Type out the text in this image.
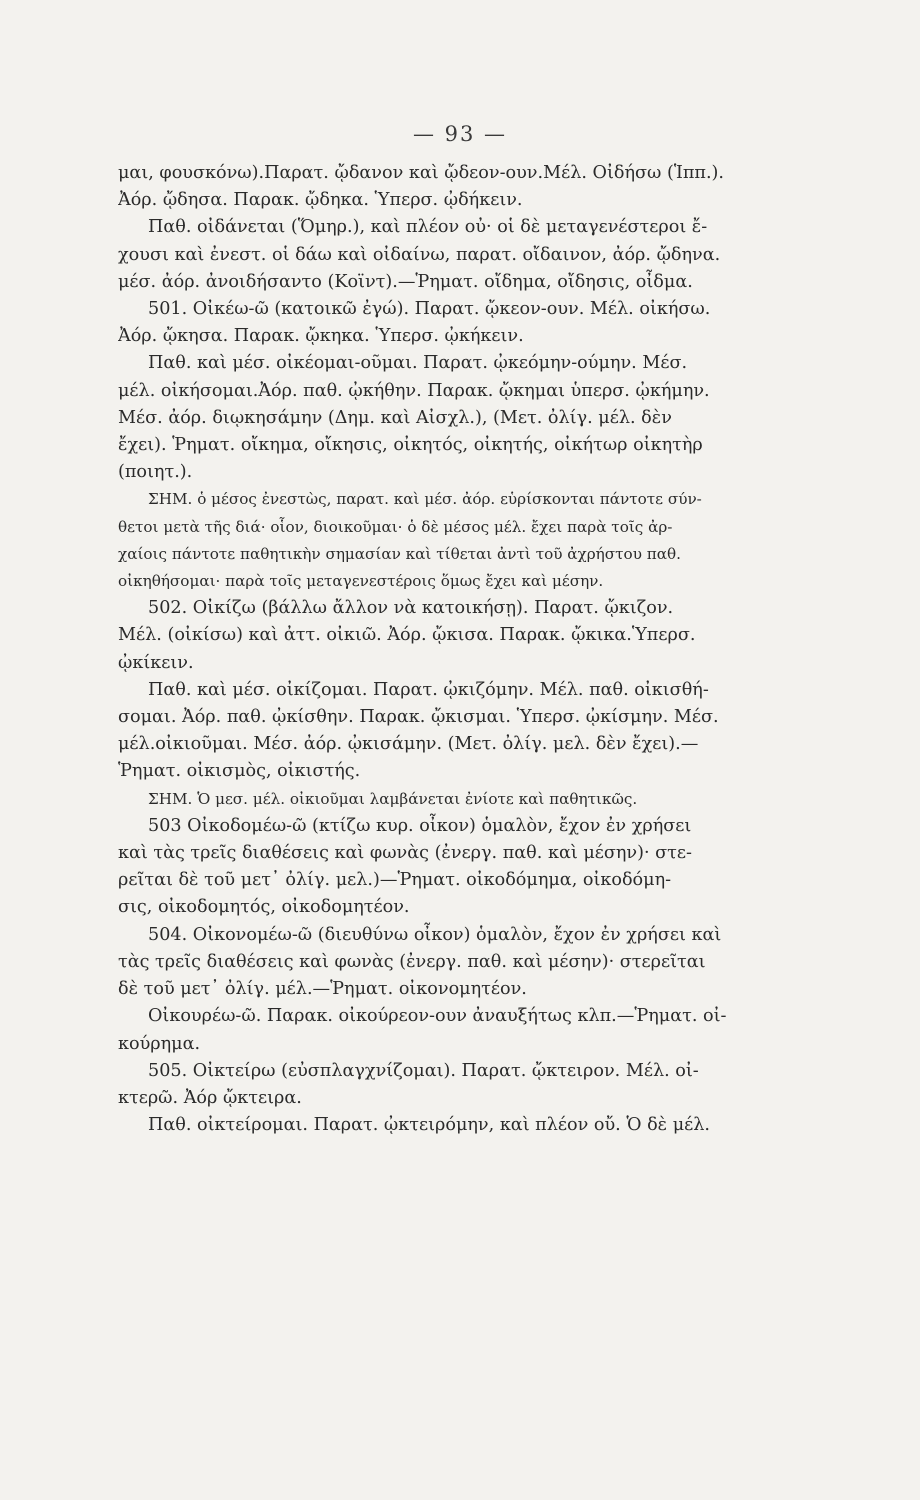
— 93 —
μαι, φουσκόνω).Παρατ. ᾤδανον καὶ ᾤδεον-ουν.Μέλ. Οἰδήσω (Ἱππ.).
Ἀόρ. ᾤδησα. Παρακ. ᾤδηκα. Ὑπερσ. ᾠδήκειν.
Παθ. οἰδάνεται (Ὅμηρ.), καὶ πλέον οὐ· οἱ δὲ μεταγενέστεροι ἔ-
χουσι καὶ ἐνεστ. οἱ δάω καὶ οἰδαίνω, παρατ. οἴδαινον, ἀόρ. ᾤδηνα.
μέσ. ἀόρ. ἀνοιδήσαντο (Κοϊντ).—Ῥηματ. οἴδημα, οἴδησις, οἶδμα.
501. Οἰκέω-ῶ (κατοικῶ ἐγώ). Παρατ. ᾤκεον-ουν. Μέλ. οἰκήσω.
Ἀόρ. ᾤκησα. Παρακ. ᾤκηκα. Ὑπερσ. ᾠκήκειν.
Παθ. καὶ μέσ. οἰκέομαι-οῦμαι. Παρατ. ᾠκεόμην-ούμην. Μέσ.
μέλ. οἰκήσομαι.Ἀόρ. παθ. ᾠκήθην. Παρακ. ᾤκημαι ὑπερσ. ᾠκήμην.
Μέσ. ἀόρ. διῳκησάμην (Δημ. καὶ Αἰσχλ.), (Μετ. ὀλίγ. μέλ. δὲν
ἔχει). Ῥηματ. οἴκημα, οἴκησις, οἰκητός, οἰκητής, οἰκήτωρ οἰκητὴρ
(ποιητ.).
ΣΗΜ. ὁ μέσος ἐνεστὼς, παρατ. καὶ μέσ. ἀόρ. εὑρίσκονται πάντοτε σύν-
θετοι μετὰ τῆς διά· οἷον, διοικοῦμαι· ὁ δὲ μέσος μέλ. ἔχει παρὰ τοῖς ἀρ-
χαίοις πάντοτε παθητικὴν σημασίαν καὶ τίθεται ἀντὶ τοῦ ἀχρήστου παθ.
οἰκηθήσομαι· παρὰ τοῖς μεταγενεστέροις ὅμως ἔχει καὶ μέσην.
502. Οἰκίζω (βάλλω ἄλλον νὰ κατοικήσῃ). Παρατ. ᾤκιζον.
Μέλ. (οἰκίσω) καὶ ἀττ. οἰκιῶ. Ἀόρ. ᾤκισα. Παρακ. ᾤκικα.Ὑπερσ.
ᾠκίκειν.
Παθ. καὶ μέσ. οἰκίζομαι. Παρατ. ᾠκιζόμην. Μέλ. παθ. οἰκισθή-
σομαι. Ἀόρ. παθ. ᾠκίσθην. Παρακ. ᾤκισμαι. Ὑπερσ. ᾠκίσμην. Μέσ.
μέλ.οἰκιοῦμαι. Μέσ. ἀόρ. ᾠκισάμην. (Μετ. ὀλίγ. μελ. δὲν ἔχει).—
Ῥηματ. οἰκισμὸς, οἰκιστής.
ΣΗΜ. Ὁ μεσ. μέλ. οἰκιοῦμαι λαμβάνεται ἐνίοτε καὶ παθητικῶς.
503 Οἰκοδομέω-ῶ (κτίζω κυρ. οἶκον) ὁμαλὸν, ἔχον ἐν χρήσει
καὶ τὰς τρεῖς διαθέσεις καὶ φωνὰς (ἐνεργ. παθ. καὶ μέσην)· στε-
ρεῖται δὲ τοῦ μετ᾽ ὀλίγ. μελ.)—Ῥηματ. οἰκοδόμημα, οἰκοδόμη-
σις, οἰκοδομητός, οἰκοδομητέον.
504. Οἰκονομέω-ῶ (διευθύνω οἶκον) ὁμαλὸν, ἔχον ἐν χρήσει καὶ
τὰς τρεῖς διαθέσεις καὶ φωνὰς (ἐνεργ. παθ. καὶ μέσην)· στερεῖται
δὲ τοῦ μετ᾽ ὀλίγ. μέλ.—Ῥηματ. οἰκονομητέον.
Οἰκουρέω-ῶ. Παρακ. οἰκούρεον-ουν ἀναυξήτως κλπ.—Ῥηματ. οἰ-
κούρημα.
505. Οἰκτείρω (εὐσπλαγχνίζομαι). Παρατ. ᾤκτειρον. Μέλ. οἰ-
κτερῶ. Ἀόρ ᾤκτειρα.
Παθ. οἰκτείρομαι. Παρατ. ᾠκτειρόμην, καὶ πλέον οὔ. Ὁ δὲ μέλ.
